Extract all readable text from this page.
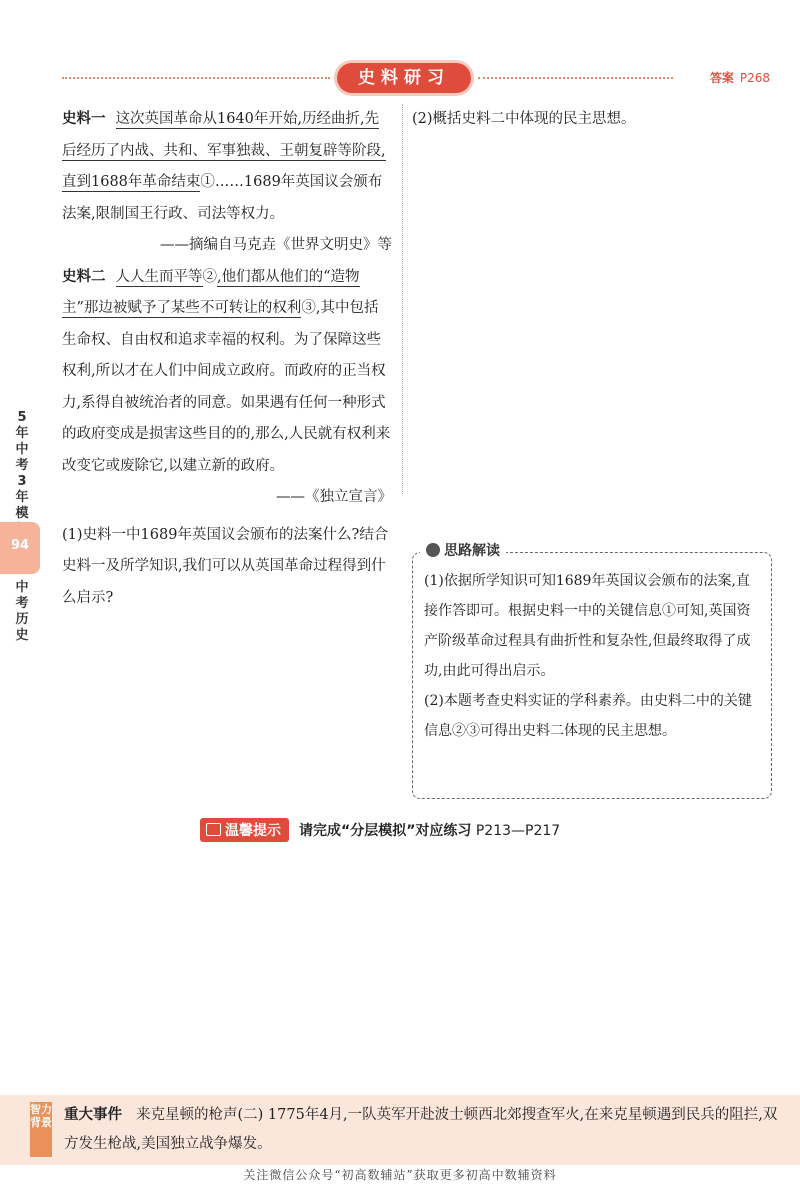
史料研习	答案 P268
5年中考3年模
94
中考历史

史料一 这次英国革命从1640年开始,历经曲折,先后经历了内战、共和、军事独裁、王朝复辟等阶段,直到1688年革命结束①……1689年英国议会颁布法案,限制国王行政、司法等权力。

——摘编自马克垚《世界文明史》等

史料二 人人生而平等②,他们都从他们的“造物主”那边被赋予了某些不可转让的权利③,其中包括生命权、自由权和追求幸福的权利。为了保障这些权利,所以才在人们中间成立政府。而政府的正当权力,系得自被统治者的同意。如果遇有任何一种形式的政府变成是损害这些目的的,那么,人民就有权利来改变它或废除它,以建立新的政府。

——《独立宣言》

(1)史料一中1689年英国议会颁布的法案什么?结合史料一及所学知识,我们可以从英国革命过程得到什么启示?

(2)概括史料二中体现的民主思想。

思路解读

(1)依据所学知识可知1689年英国议会颁布的法案,直接作答即可。根据史料一中的关键信息①可知,英国资产阶级革命过程具有曲折性和复杂性,但最终取得了成功,由此可得出启示。

(2)本题考查史料实证的学科素养。由史料二中的关键信息②③可得出史料二体现的民主思想。

温馨提示 请完成“分层模拟”对应练习 P213—P217
智力背景 重大事件 来克星顿的枪声(二) 1775年4月,一队英军开赴波士顿西北郊搜查军火,在来克星顿遇到民兵的阻拦,双方发生枪战,美国独立战争爆发。
关注微信公众号“初高数辅站”获取更多初高中数辅资料
